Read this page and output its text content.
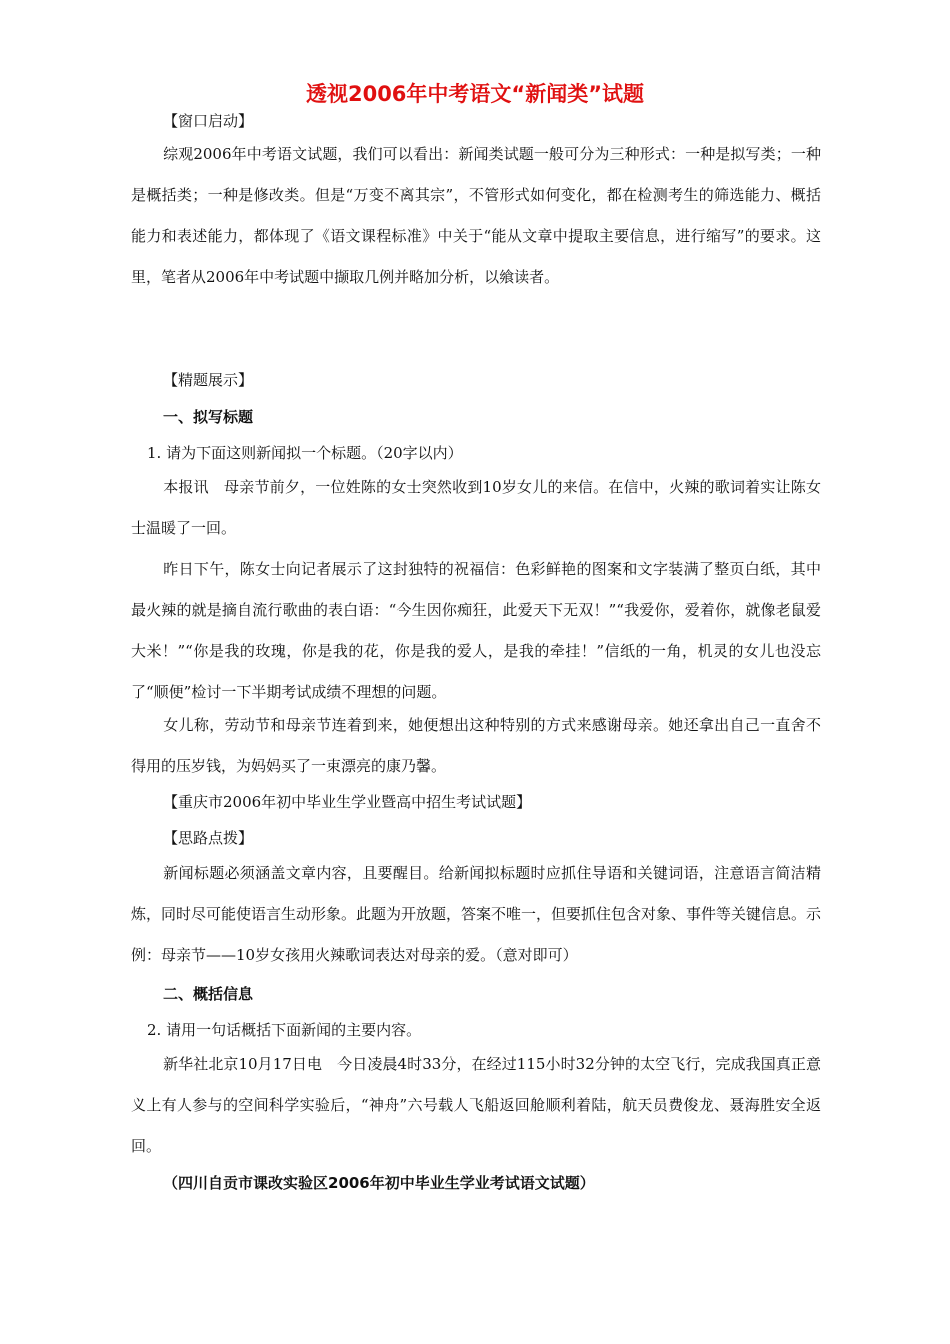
透视2006年中考语文“新闻类”试题
【窗口启动】
综观2006年中考语文试题，我们可以看出：新闻类试题一般可分为三种形式：一种是拟写类；一种是概括类；一种是修改类。但是“万变不离其宗”，不管形式如何变化，都在检测考生的筛选能力、概括能力和表述能力，都体现了《语文课程标准》中关于“能从文章中提取主要信息，进行缩写”的要求。这里，笔者从2006年中考试题中撷取几例并略加分析，以飨读者。
【精题展示】
一、拟写标题
1. 请为下面这则新闻拟一个标题。（20字以内）
本报讯　母亲节前夕，一位姓陈的女士突然收到10岁女儿的来信。在信中，火辣的歌词着实让陈女士温暖了一回。
昨日下午，陈女士向记者展示了这封独特的祝福信：色彩鲜艳的图案和文字装满了整页白纸，其中最火辣的就是摘自流行歌曲的表白语：“今生因你痴狂，此爱天下无双！”“我爱你，爱着你，就像老鼠爱大米！”“你是我的玫瑰，你是我的花，你是我的爱人，是我的牵挂！”信纸的一角，机灵的女儿也没忘了“顺便”检讨一下半期考试成绩不理想的问题。
女儿称，劳动节和母亲节连着到来，她便想出这种特别的方式来感谢母亲。她还拿出自己一直舍不得用的压岁钱，为妈妈买了一束漂亮的康乃馨。
【重庆市2006年初中毕业生学业暨高中招生考试试题】
【思路点拨】
新闻标题必须涵盖文章内容，且要醒目。给新闻拟标题时应抓住导语和关键词语，注意语言简洁精炼，同时尽可能使语言生动形象。此题为开放题，答案不唯一，但要抓住包含对象、事件等关键信息。示例：母亲节——10岁女孩用火辣歌词表达对母亲的爱。（意对即可）
二、概括信息
2. 请用一句话概括下面新闻的主要内容。
新华社北京10月17日电　今日凌晨4时33分，在经过115小时32分钟的太空飞行，完成我国真正意义上有人参与的空间科学实验后，“神舟”六号载人飞船返回舱顺利着陆，航天员费俊龙、聂海胜安全返回。
（四川自贡市课改实验区2006年初中毕业生学业考试语文试题）
